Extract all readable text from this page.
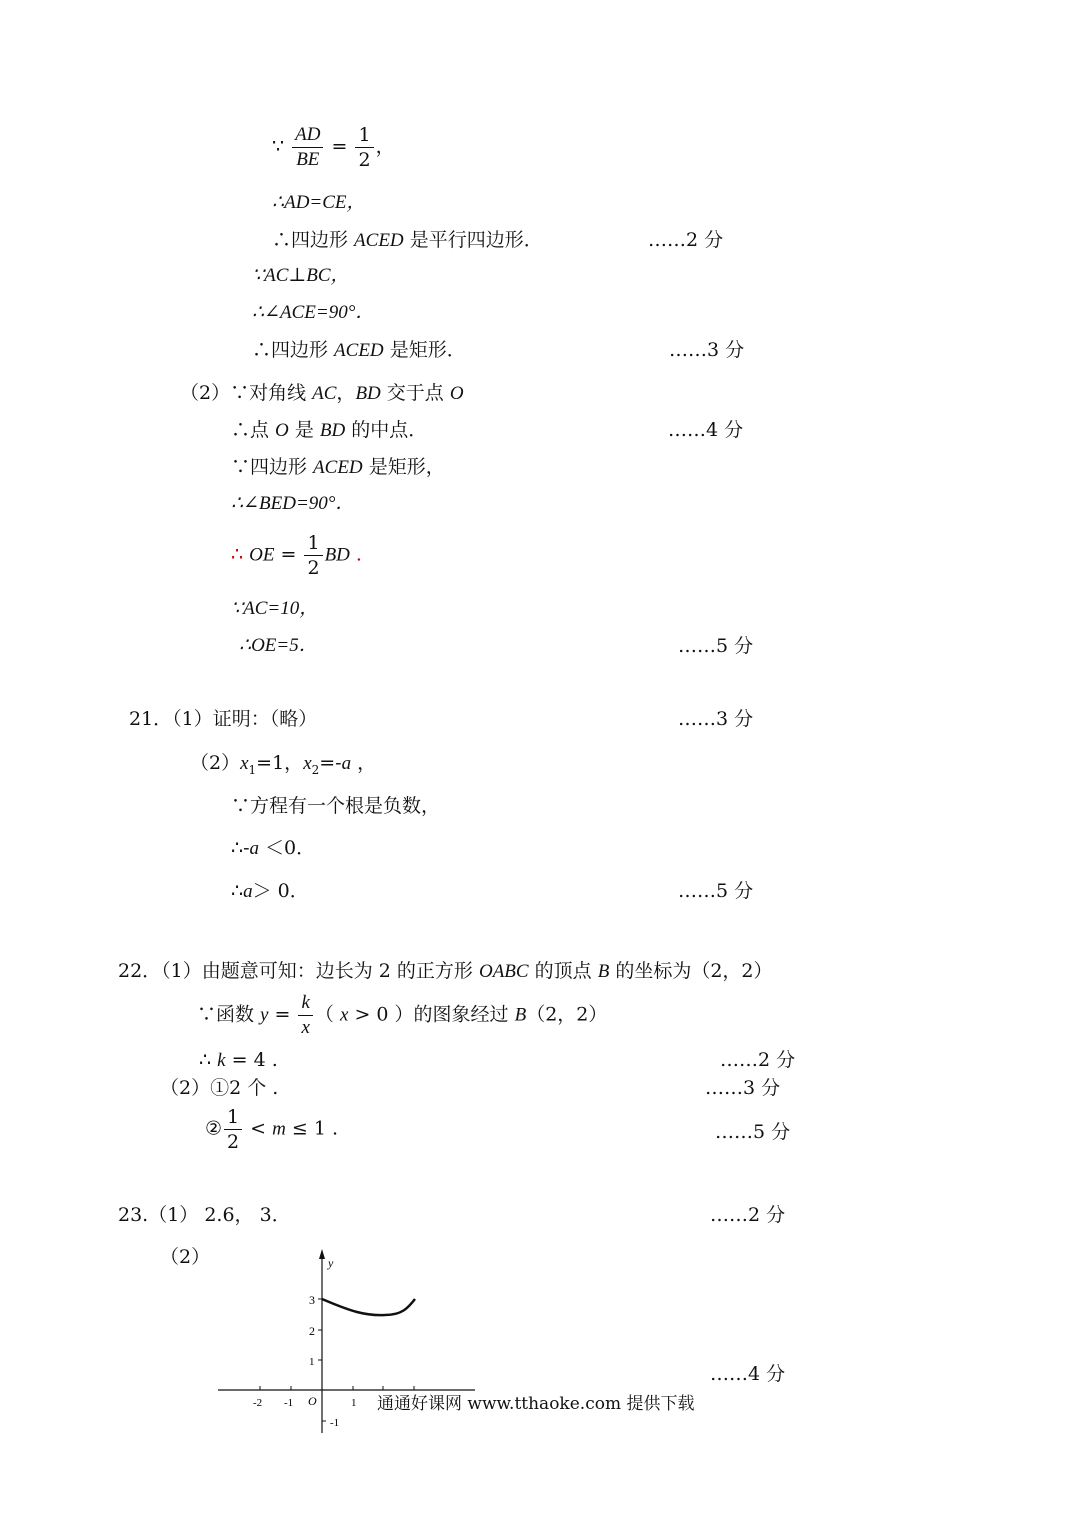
∵ $\frac{AD}{BE} = \frac{1}{2}$ ，
∴AD=CE，
∴四边形 ACED 是平行四边形．	……2 分
∵AC⊥BC，
∴∠ACE=90°．
∴四边形 ACED 是矩形．	……3 分
（2）∵对角线 AC，BD 交于点 O
∴点 O 是 BD 的中点．	……4 分
∵四边形 ACED 是矩形，
∴∠BED=90°．
∴ OE = $\frac{1}{2}$ BD .
∵AC=10，
∴OE=5．	……5 分
21．（1）证明：（略）	……3 分
$(2)x_1=1$，$x_2=-a$ ，
∵方程有一个根是负数，
∴-a ＜0．
∴a＞ 0．	……5 分
22．（1）由题意可知：边长为 2 的正方形 OABC 的顶点 B 的坐标为（2，2）
∵函数 $y = \frac{k}{x}$ （ x > 0 ）的图象经过 B（2，2）
∴ k = 4 .	……2 分
（2）①2 个 .	……3 分
② $\frac{1}{2} < m \le 1$ .	……5 分
23.（1） 2.6， 3．	……2 分
（2）
……4 分
y
3
2
1
-1
-2 -1 O	1 通通好课网 www.tthaoke.com 提供下载
